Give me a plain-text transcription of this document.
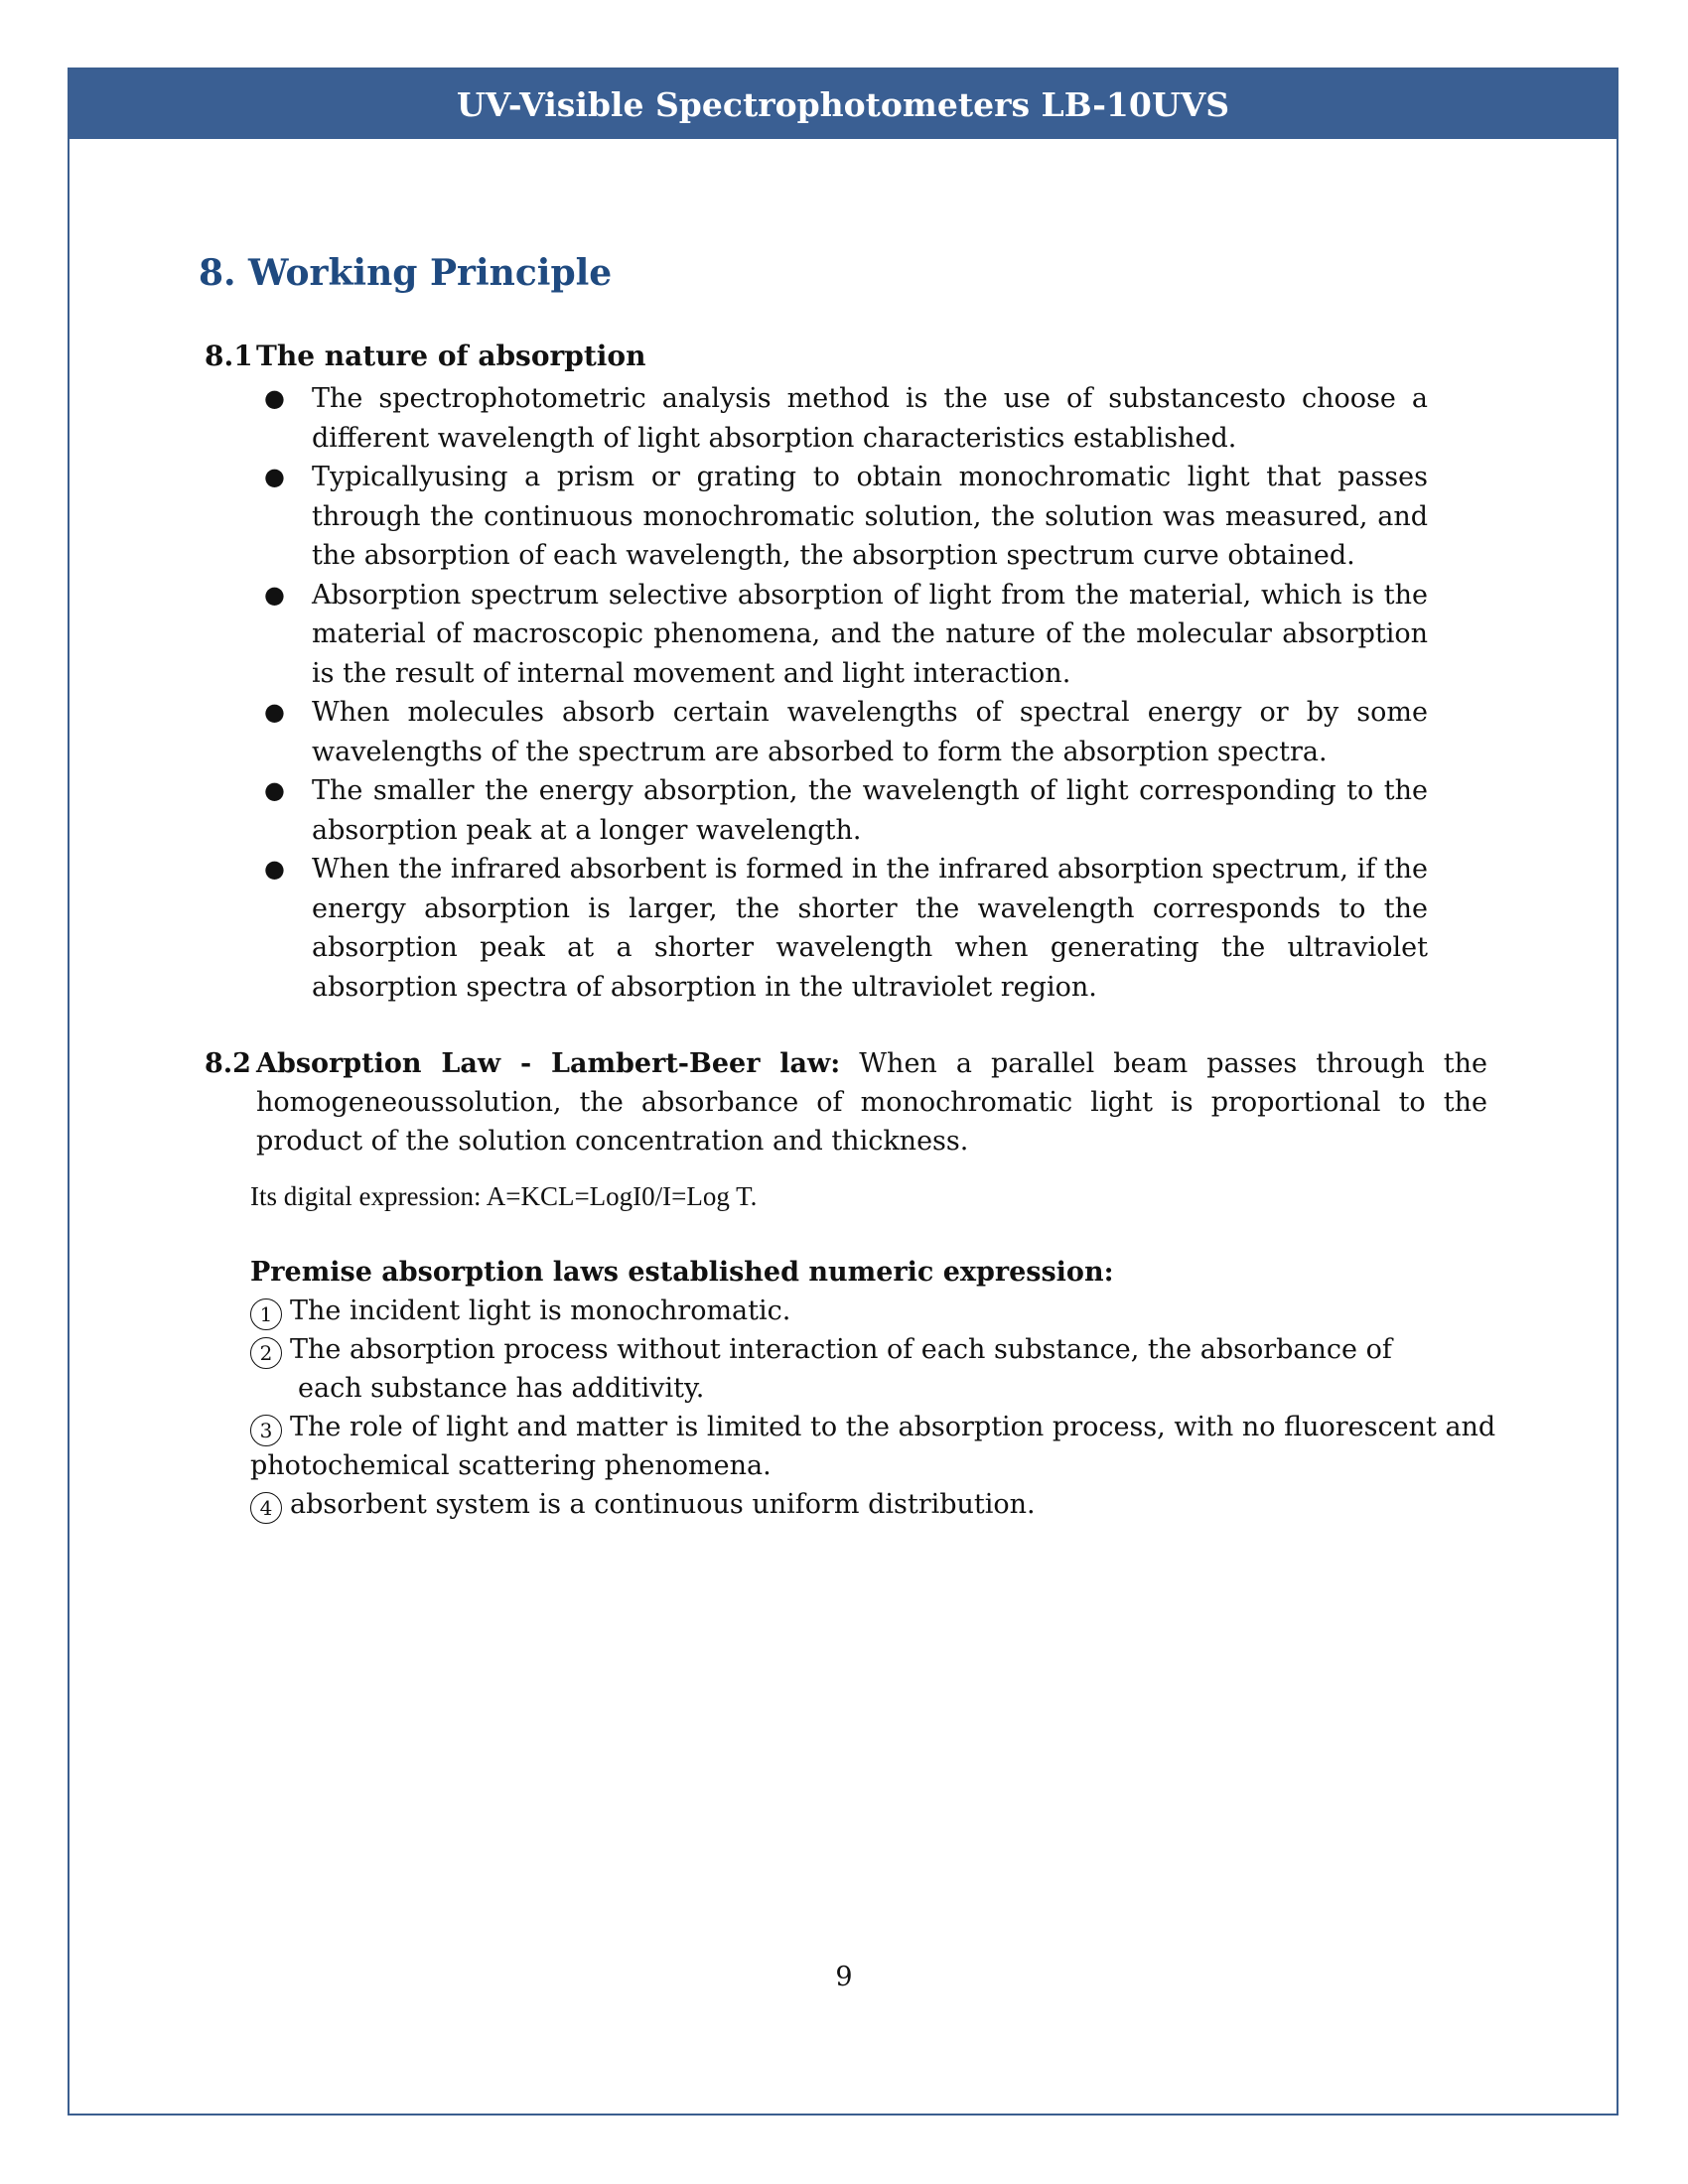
UV-Visible Spectrophotometers LB-10UVS
8. Working Principle
8.1 The nature of absorption
● The spectrophotometric analysis method is the use of substancesto choose a different wavelength of light absorption characteristics established.
● Typicallyusing a prism or grating to obtain monochromatic light that passes through the continuous monochromatic solution, the solution was measured, and the absorption of each wavelength, the absorption spectrum curve obtained.
● Absorption spectrum selective absorption of light from the material, which is the material of macroscopic phenomena, and the nature of the molecular absorption is the result of internal movement and light interaction.
● When molecules absorb certain wavelengths of spectral energy or by some wavelengths of the spectrum are absorbed to form the absorption spectra.
● The smaller the energy absorption, the wavelength of light corresponding to the absorption peak at a longer wavelength.
● When the infrared absorbent is formed in the infrared absorption spectrum, if the energy absorption is larger, the shorter the wavelength corresponds to the absorption peak at a shorter wavelength when generating the ultraviolet absorption spectra of absorption in the ultraviolet region.
8.2 Absorption Law - Lambert-Beer law: When a parallel beam passes through the
homogeneoussolution, the absorbance of monochromatic light is proportional to the product of the solution concentration and thickness.
Its digital expression: A=KCL=LogI0/I=Log T.

Premise absorption laws established numeric expression:

1 The incident light is monochromatic.

2 The absorption process without interaction of each substance, the absorbance of
each substance has additivity.

3 The role of light and matter is limited to the absorption process, with no fluorescent and
photochemical scattering phenomena.

4 absorbent system is a continuous uniform distribution.

9
